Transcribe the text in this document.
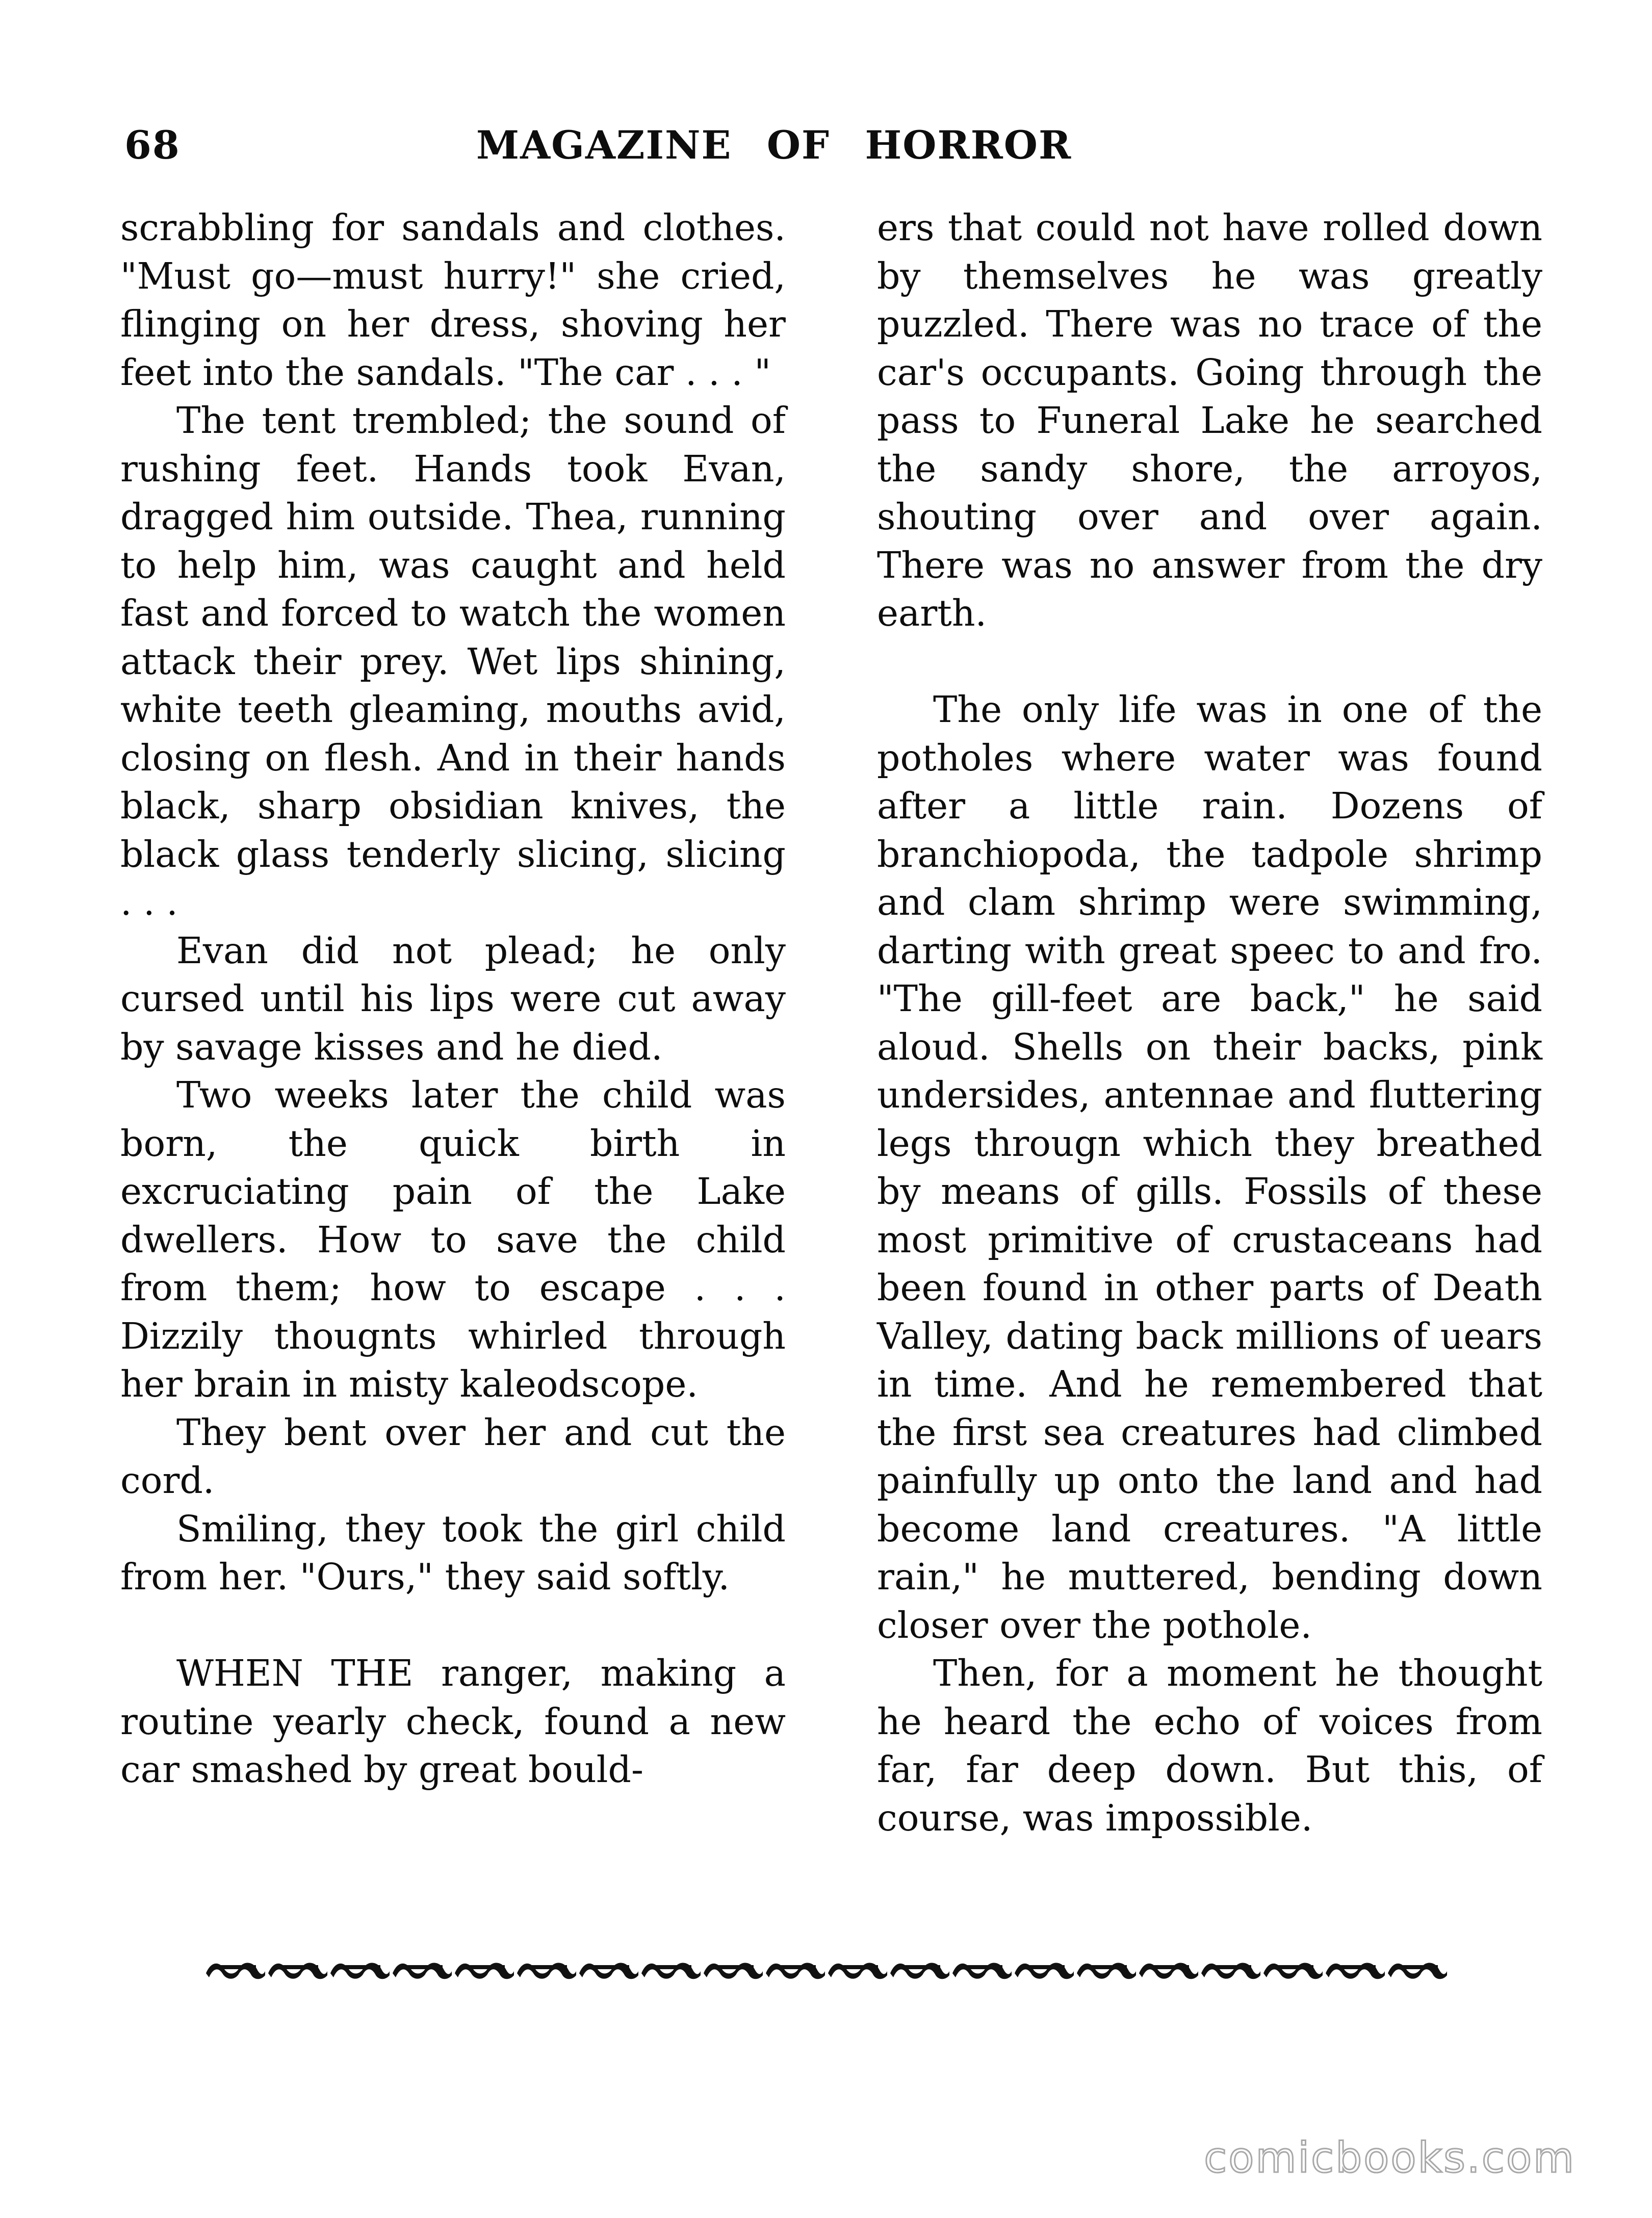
68	MAGAZINE OF HORROR

scrabbling for sandals and clothes. "Must go—must hurry!" she cried, flinging on her dress, shoving her feet into the sandals. "The car . . . "

The tent trembled; the sound of rushing feet. Hands took Evan, dragged him outside. Thea, running to help him, was caught and held fast and forced to watch the women attack their prey. Wet lips shining, white teeth gleaming, mouths avid, closing on flesh. And in their hands black, sharp obsidian knives, the black glass tenderly slicing, slicing . . .

Evan did not plead; he only cursed until his lips were cut away by savage kisses and he died.

Two weeks later the child was born, the quick birth in excruciating pain of the Lake dwellers. How to save the child from them; how to escape . . . Dizzily thougnts whirled through her brain in misty kaleodscope.

They bent over her and cut the cord.

Smiling, they took the girl child from her. "Ours," they said softly.

WHEN THE ranger, making a routine yearly check, found a new car smashed by great bould-

ers that could not have rolled down by themselves he was greatly puzzled. There was no trace of the car's occupants. Going through the pass to Funeral Lake he searched the sandy shore, the arroyos, shouting over and over again. There was no answer from the dry earth.

The only life was in one of the potholes where water was found after a little rain. Dozens of branchiopoda, the tadpole shrimp and clam shrimp were swimming, darting with great speec to and fro. "The gill-feet are back," he said aloud. Shells on their backs, pink undersides, antennae and fluttering legs througn which they breathed by means of gills. Fossils of these most primitive of crustaceans had been found in other parts of Death Valley, dating back millions of uears in time. And he remembered that the first sea creatures had climbed painfully up onto the land and had become land creatures. "A little rain," he muttered, bending down closer over the pothole.

Then, for a moment he thought he heard the echo of voices from far, far deep down. But this, of course, was impossible.

comicbooks.com
